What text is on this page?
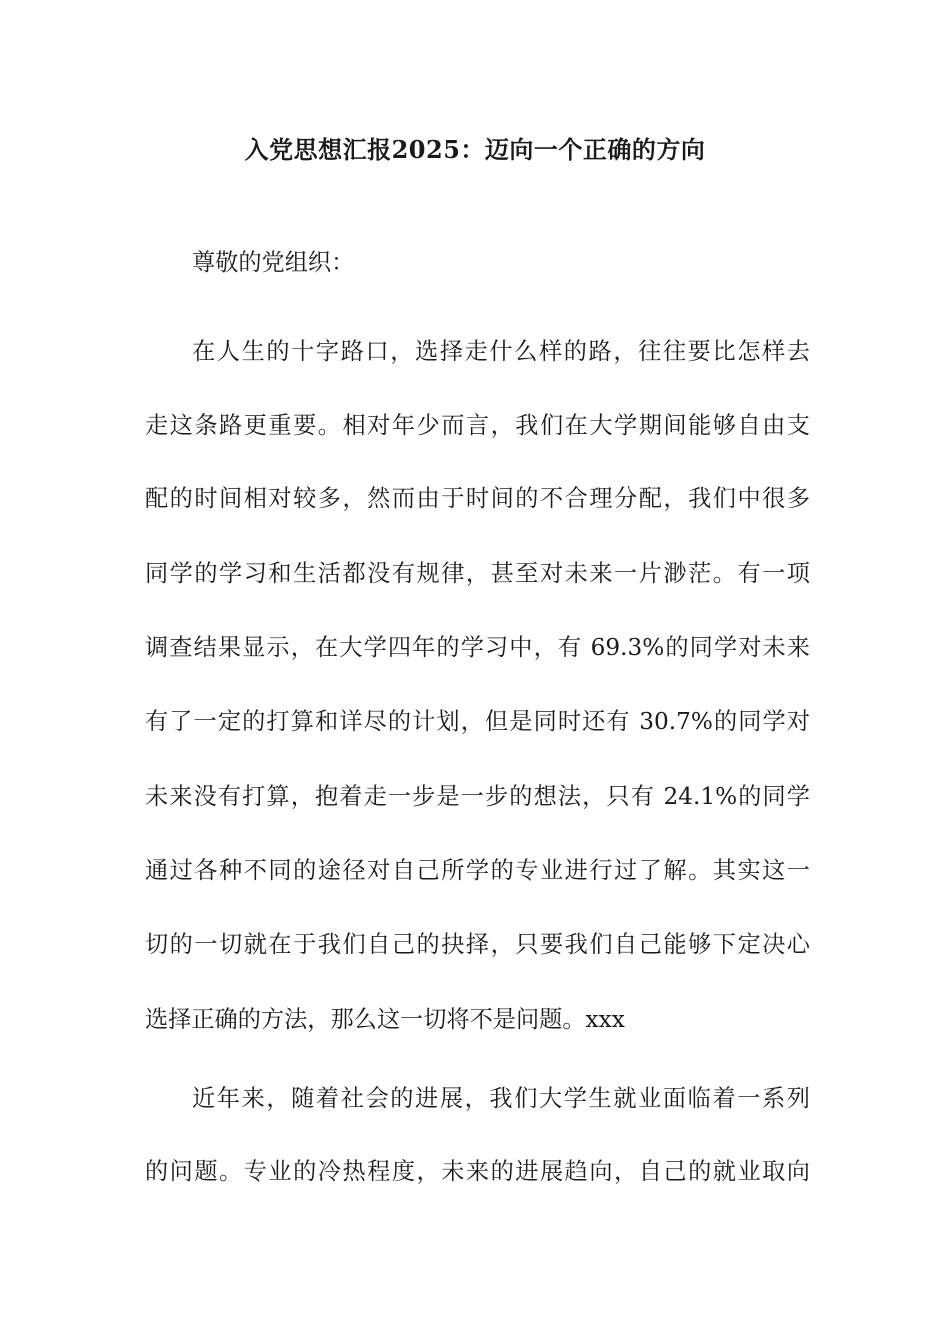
入党思想汇报2025：迈向一个正确的方向
尊敬的党组织：
在人生的十字路口，选择走什么样的路，往往要比怎样去
走这条路更重要。相对年少而言，我们在大学期间能够自由支
配的时间相对较多，然而由于时间的不合理分配，我们中很多
同学的学习和生活都没有规律，甚至对未来一片渺茫。有一项
调查结果显示，在大学四年的学习中，有 69.3%的同学对未来
有了一定的打算和详尽的计划，但是同时还有 30.7%的同学对
未来没有打算，抱着走一步是一步的想法，只有 24.1%的同学
通过各种不同的途径对自己所学的专业进行过了解。其实这一
切的一切就在于我们自己的抉择，只要我们自己能够下定决心
选择正确的方法，那么这一切将不是问题。xxx
近年来，随着社会的进展，我们大学生就业面临着一系列
的问题。专业的冷热程度，未来的进展趋向，自己的就业取向
